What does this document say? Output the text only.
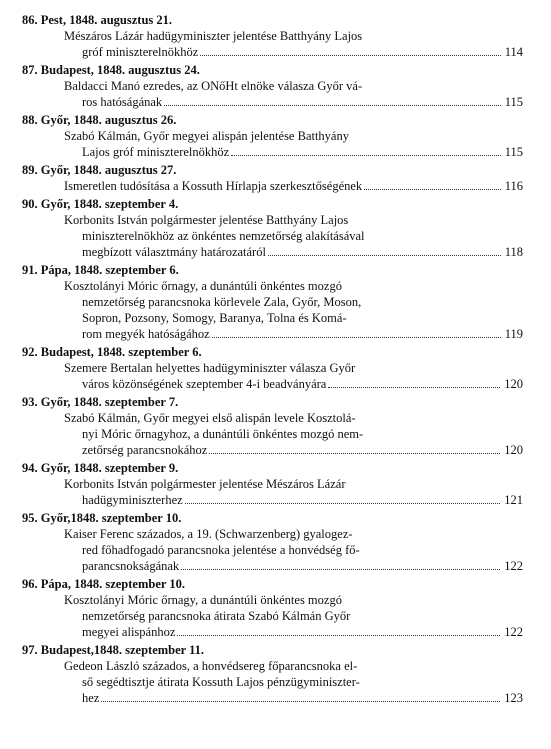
86. Pest, 1848. augusztus 21.
Mészáros Lázár hadügyminiszter jelentése Batthyány Lajos
gróf miniszterelnökhöz	114
87. Budapest, 1848. augusztus 24.
Baldacci Manó ezredes, az ONőHt elnöke válasza Győr vá-
ros hatóságának	115
88. Győr, 1848. augusztus 26.
Szabó Kálmán, Győr megyei alispán jelentése Batthyány
Lajos gróf miniszterelnökhöz	115
89. Győr, 1848. augusztus 27.
Ismeretlen tudósítása a Kossuth Hírlapja szerkesztőségének	116
90. Győr, 1848. szeptember 4.
Korbonits István polgármester jelentése Batthyány Lajos
miniszterelnökhöz az önkéntes nemzetőrség alakításával
megbízott választmány határozatáról	118
91. Pápa, 1848. szeptember 6.
Kosztolányi Móric őrnagy, a dunántúli önkéntes mozgó
nemzetőrség parancsnoka körlevele Zala, Győr, Moson,
Sopron, Pozsony, Somogy, Baranya, Tolna és Komá-
rom megyék hatóságához	119
92. Budapest, 1848. szeptember 6.
Szemere Bertalan helyettes hadügyminiszter válasza Győr
város közönségének szeptember 4-i beadványára	120
93. Győr, 1848. szeptember 7.
Szabó Kálmán, Győr megyei első alispán levele Kosztolá-
nyi Móric őrnagyhoz, a dunántúli önkéntes mozgó nem-
zetőrség parancsnokához	120
94. Győr, 1848. szeptember 9.
Korbonits István polgármester jelentése Mészáros Lázár
hadügyminiszterhez	121
95. Győr,1848. szeptember 10.
Kaiser Ferenc százados, a 19. (Schwarzenberg) gyalogez-
red főhadfogadó parancsnoka jelentése a honvédség fő-
parancsnokságának	122
96. Pápa, 1848. szeptember 10.
Kosztolányi Móric őrnagy, a dunántúli önkéntes mozgó
nemzetőrség parancsnoka átirata Szabó Kálmán Győr
megyei alispánhoz	122
97. Budapest,1848. szeptember 11.
Gedeon László százados, a honvédsereg főparancsnoka el-
ső segédtisztje átirata Kossuth Lajos pénzügyminiszter-
hez	123
